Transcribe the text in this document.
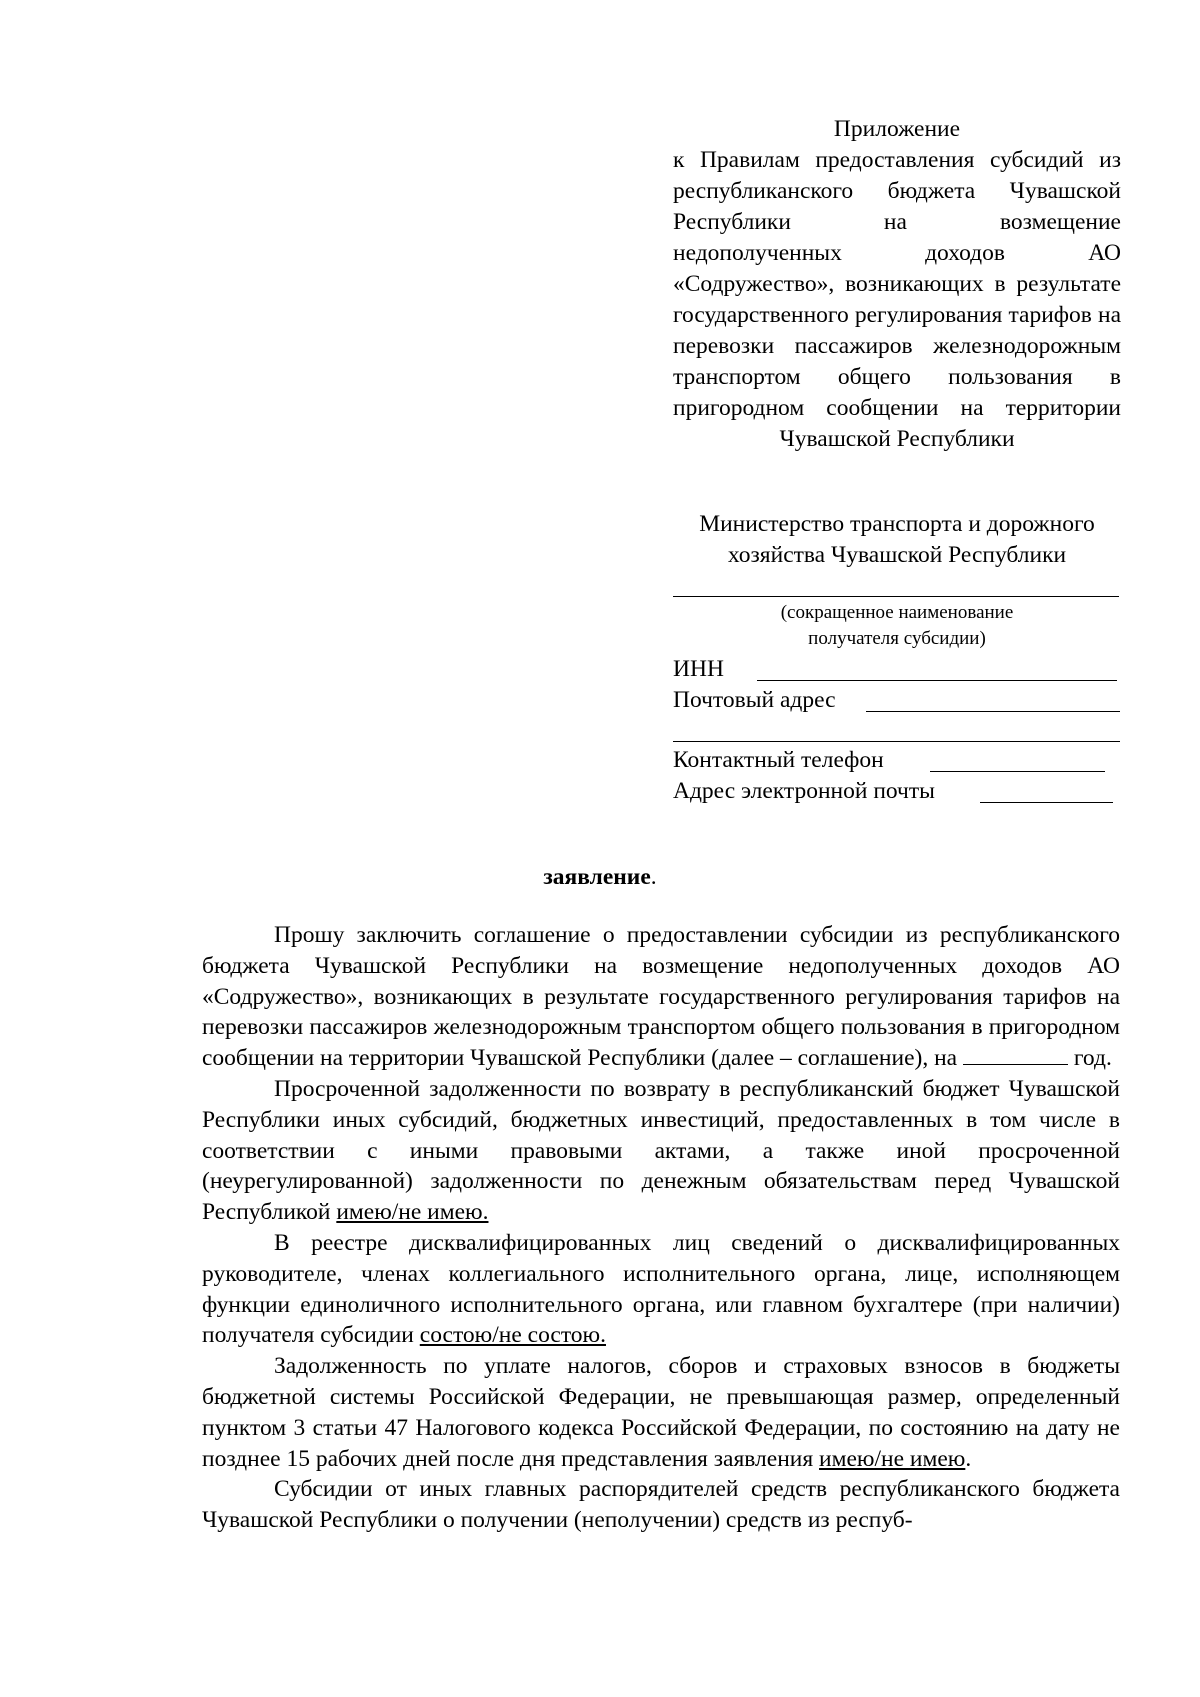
Приложение
к Правилам предоставления субсидий из республиканского бюджета Чувашской Республики на возмещение недополученных доходов АО «Содружество», возникающих в результате государственного регулирования тарифов на перевозки пассажиров железнодорожным транспортом общего пользования в пригородном сообщении на территории Чувашской Республики
Министерство транспорта и дорожного хозяйства Чувашской Республики
(сокращенное наименование
получателя субсидии)
ИНН
Почтовый адрес
Контактный телефон
Адрес электронной почты
заявление.

Прошу заключить соглашение о предоставлении субсидии из республиканского бюджета Чувашской Республики на возмещение недополученных доходов АО «Содружество», возникающих в результате государственного регулирования тарифов на перевозки пассажиров железнодорожным транспортом общего пользования в пригородном сообщении на территории Чувашской Республики (далее – соглашение), на	год.

Просроченной задолженности по возврату в республиканский бюджет Чувашской Республики иных субсидий, бюджетных инвестиций, предоставленных в том числе в соответствии с иными правовыми актами, а также иной просроченной (неурегулированной) задолженности по денежным обязательствам перед Чувашской Республикой имею/не имею.

В реестре дисквалифицированных лиц сведений о дисквалифицированных руководителе, членах коллегиального исполнительного органа, лице, исполняющем функции единоличного исполнительного органа, или главном бухгалтере (при наличии) получателя субсидии состою/не состою.

Задолженность по уплате налогов, сборов и страховых взносов в бюджеты бюджетной системы Российской Федерации, не превышающая размер, определенный пунктом 3 статьи 47 Налогового кодекса Российской Федерации, по состоянию на дату не позднее 15 рабочих дней после дня представления заявления имею/не имею.

Субсидии от иных главных распорядителей средств республиканского бюджета Чувашской Республики о получении (неполучении) средств из респуб-
